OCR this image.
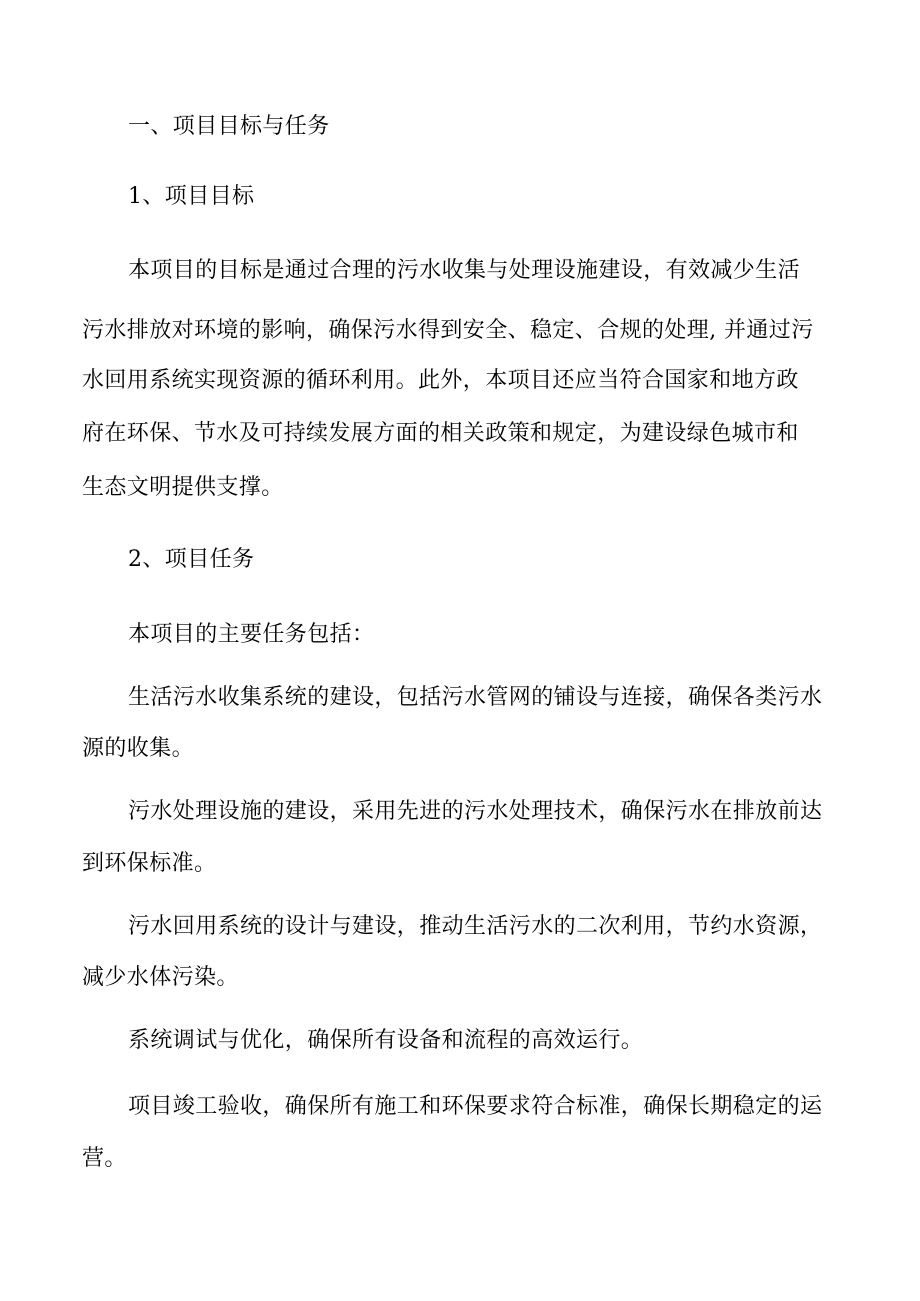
一、项目目标与任务
1、项目目标
本项目的目标是通过合理的污水收集与处理设施建设，有效减少生活
污水排放对环境的影响，确保污水得到安全、稳定、合规的处理, 并通过污
水回用系统实现资源的循环利用。此外，本项目还应当符合国家和地方政
府在环保、节水及可持续发展方面的相关政策和规定，为建设绿色城市和
生态文明提供支撑。
2、项目任务
本项目的主要任务包括：
生活污水收集系统的建设，包括污水管网的铺设与连接，确保各类污水
源的收集。
污水处理设施的建设，采用先进的污水处理技术，确保污水在排放前达
到环保标准。
污水回用系统的设计与建设，推动生活污水的二次利用，节约水资源，
减少水体污染。
系统调试与优化，确保所有设备和流程的高效运行。
项目竣工验收，确保所有施工和环保要求符合标准，确保长期稳定的运
营。
